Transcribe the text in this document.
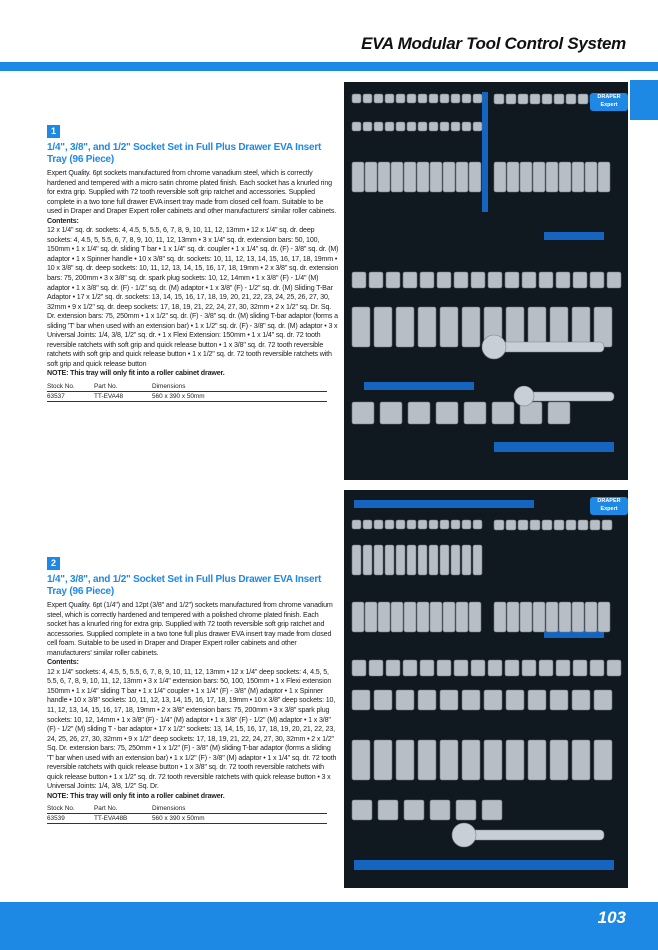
EVA Modular Tool Control System
1
1/4", 3/8", and 1/2" Socket Set in Full Plus Drawer EVA Insert Tray (96 Piece)
Expert Quality. 6pt sockets manufactured from chrome vanadium steel, which is correctly hardened and tempered with a micro satin chrome plated finish. Each socket has a knurled ring for extra grip. Supplied with 72 tooth reversible soft grip ratchet and accessories. Supplied complete in a two tone full drawer EVA insert tray made from closed cell foam. Suitable to be used in Draper and Draper Expert roller cabinets and other manufacturers' similar roller cabinets.
Contents:
12 x 1/4" sq. dr. sockets: 4, 4.5, 5, 5.5, 6, 7, 8, 9, 10, 11, 12, 13mm • 12 x 1/4" sq. dr. deep sockets: 4, 4.5, 5, 5.5, 6, 7, 8, 9, 10, 11, 12, 13mm • 3 x 1/4" sq. dr. extension bars: 50, 100, 150mm • 1 x 1/4" sq. dr. sliding T bar • 1 x 1/4" sq. dr. coupler • 1 x 1/4" sq. dr. (F) - 3/8" sq. dr. (M) adaptor • 1 x Spinner handle • 10 x 3/8" sq. dr. sockets: 10, 11, 12, 13, 14, 15, 16, 17, 18, 19mm • 10 x 3/8" sq. dr. deep sockets: 10, 11, 12, 13, 14, 15, 16, 17, 18, 19mm • 2 x 3/8" sq. dr. extension bars: 75, 200mm • 3 x 3/8" sq. dr. spark plug sockets: 10, 12, 14mm • 1 x 3/8" (F) - 1/4" (M) adaptor • 1 x 3/8" sq. dr. (F) - 1/2" sq. dr. (M) adaptor • 1 x 3/8" (F) - 1/2" sq. dr. (M) Sliding T-Bar Adaptor • 17 x 1/2" sq. dr. sockets: 13, 14, 15, 16, 17, 18, 19, 20, 21, 22, 23, 24, 25, 26, 27, 30, 32mm • 9 x 1/2" sq. dr. deep sockets: 17, 18, 19, 21, 22, 24, 27, 30, 32mm • 2 x 1/2" sq. Dr. Sq. Dr. extension bars: 75, 250mm • 1 x 1/2" sq. dr. (F) - 3/8" sq. dr. (M) sliding T-bar adaptor (forms a sliding 'T' bar when used with an extension bar) • 1 x 1/2" sq. dr. (F) - 3/8" sq. dr. (M) adaptor • 3 x Universal Joints: 1/4, 3/8, 1/2" sq. dr. • 1 x Flexi Extension: 150mm • 1 x 1/4" sq. dr. 72 tooth reversible ratchets with soft grip and quick release button • 1 x 3/8" sq. dr. 72 tooth reversible ratchets with soft grip and quick release button • 1 x 1/2" sq. dr. 72 tooth reversible ratchets with soft grip and quick release button
NOTE: This tray will only fit into a roller cabinet drawer.
Stock No.	Part No.	Dimensions
63537	TT-EVA48	560 x 390 x 50mm
2
1/4", 3/8", and 1/2" Socket Set in Full Plus Drawer EVA Insert Tray (96 Piece)
Expert Quality. 6pt (1/4") and 12pt (3/8" and 1/2") sockets manufactured from chrome vanadium steel, which is correctly hardened and tempered with a polished chrome plated finish. Each socket has a knurled ring for extra grip. Supplied with 72 tooth reversible soft grip ratchet and accessories. Supplied complete in a two tone full plus drawer EVA insert tray made from closed cell foam. Suitable to be used in Draper and Draper Expert roller cabinets and other manufacturers' similar roller cabinets.
Contents:
12 x 1/4" sockets: 4, 4.5, 5, 5.5, 6, 7, 8, 9, 10, 11, 12, 13mm • 12 x 1/4" deep sockets: 4, 4.5, 5, 5.5, 6, 7, 8, 9, 10, 11, 12, 13mm • 3 x 1/4" extension bars: 50, 100, 150mm • 1 x Flexi extension 150mm • 1 x 1/4" sliding T bar • 1 x 1/4" coupler • 1 x 1/4" (F) - 3/8" (M) adaptor • 1 x Spinner handle • 10 x 3/8" sockets: 10, 11, 12, 13, 14, 15, 16, 17, 18, 19mm • 10 x 3/8" deep sockets: 10, 11, 12, 13, 14, 15, 16, 17, 18, 19mm • 2 x 3/8" extension bars: 75, 200mm • 3 x 3/8" spark plug sockets: 10, 12, 14mm • 1 x 3/8" (F) - 1/4" (M) adaptor • 1 x 3/8" (F) - 1/2" (M) adaptor • 1 x 3/8" (F) - 1/2" (M) sliding T - bar adaptor • 17 x 1/2" sockets: 13, 14, 15, 16, 17, 18, 19, 20, 21, 22, 23, 24, 25, 26, 27, 30, 32mm • 9 x 1/2" deep sockets: 17, 18, 19, 21, 22, 24, 27, 30, 32mm • 2 x 1/2" Sq. Dr. extension bars: 75, 250mm • 1 x 1/2" (F) - 3/8" (M) sliding T-bar adaptor (forms a sliding 'T' bar when used with an extension bar) • 1 x 1/2" (F) - 3/8" (M) adaptor • 1 x 1/4" sq. dr. 72 tooth reversible ratchets with quick release button • 1 x 3/8" sq. dr. 72 tooth reversible ratchets with quick release button • 1 x 1/2" sq. dr. 72 tooth reversible ratchets with quick release button • 3 x Universal Joints: 1/4, 3/8, 1/2" Sq. Dr.
NOTE: This tray will only fit into a roller cabinet drawer.
Stock No.	Part No.	Dimensions
63539	TT-EVA48B	560 x 390 x 50mm
DRAPER
Expert
DRAPER
Expert
103
